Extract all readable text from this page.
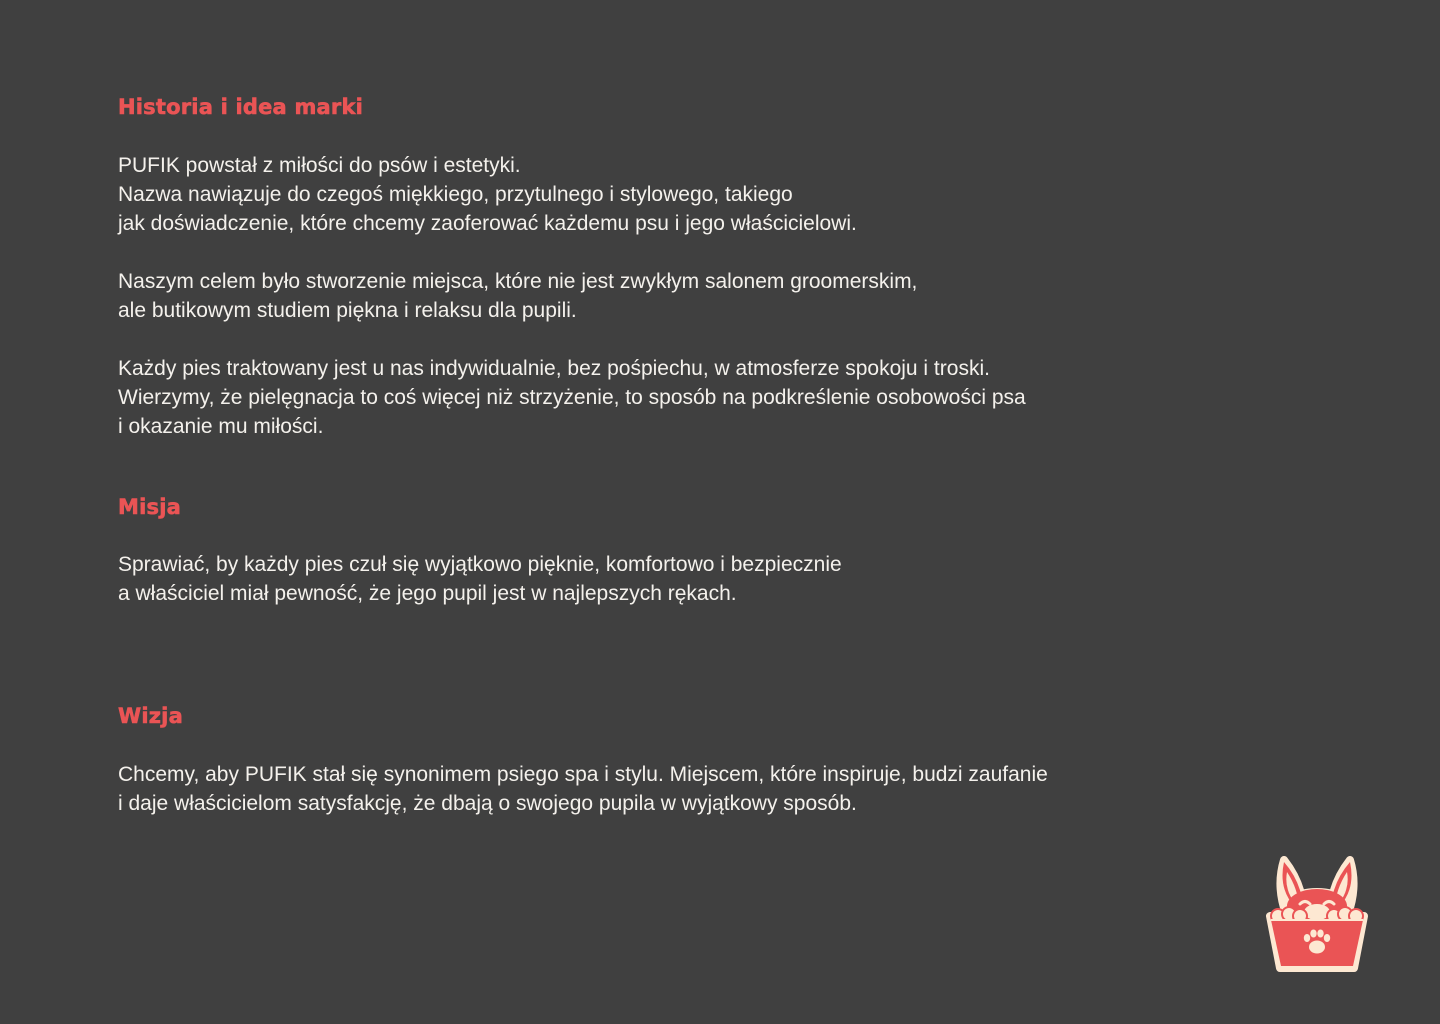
Historia i idea marki

PUFIK powstał z miłości do psów i estetyki.
Nazwa nawiązuje do czegoś miękkiego, przytulnego i stylowego, takiego
jak doświadczenie, które chcemy zaoferować każdemu psu i jego właścicielowi.

Naszym celem było stworzenie miejsca, które nie jest zwykłym salonem groomerskim,
ale butikowym studiem piękna i relaksu dla pupili.

Każdy pies traktowany jest u nas indywidualnie, bez pośpiechu, w atmosferze spokoju i troski.
Wierzymy, że pielęgnacja to coś więcej niż strzyżenie, to sposób na podkreślenie osobowości psa
i okazanie mu miłości.

Misja

Sprawiać, by każdy pies czuł się wyjątkowo pięknie, komfortowo i bezpiecznie
a właściciel miał pewność, że jego pupil jest w najlepszych rękach.

Wizja

Chcemy, aby PUFIK stał się synonimem psiego spa i stylu. Miejscem, które inspiruje, budzi zaufanie
i daje właścicielom satysfakcję, że dbają o swojego pupila w wyjątkowy sposób.
